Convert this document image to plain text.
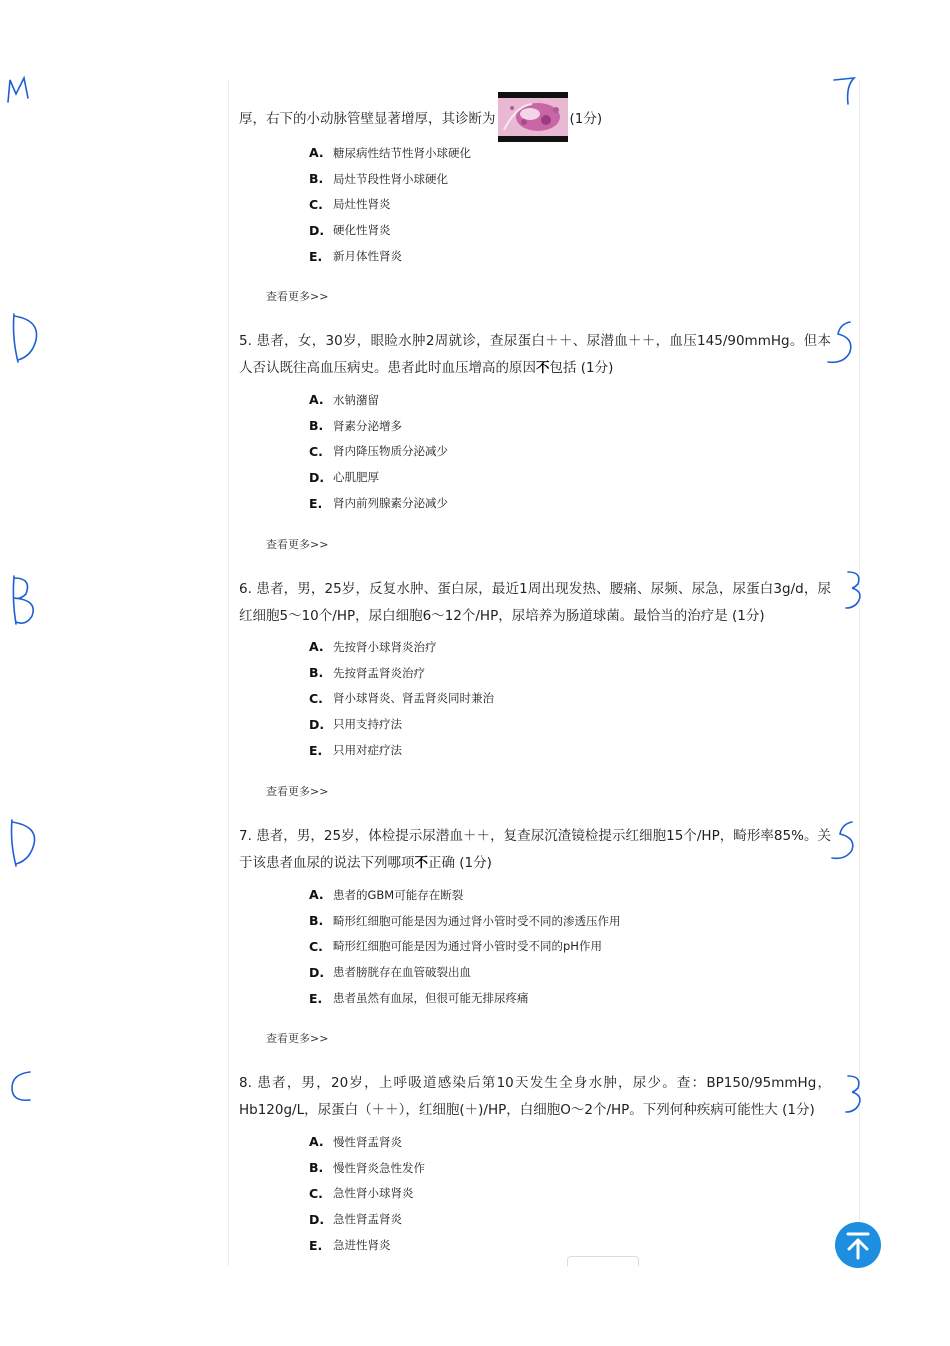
厚，右下的小动脉管壁显著增厚，其诊断为	(1分)
A. 糖尿病性结节性肾小球硬化
B. 局灶节段性肾小球硬化
C. 局灶性肾炎
D. 硬化性肾炎
E. 新月体性肾炎
查看更多>>
5. 患者，女，30岁，眼睑水肿2周就诊，查尿蛋白＋＋、尿潜血＋＋，血压145/90mmHg。但本人否认既往高血压病史。患者此时血压增高的原因不包括 (1分)
A. 水钠潴留
B. 肾素分泌增多
C. 肾内降压物质分泌减少
D. 心肌肥厚
E. 肾内前列腺素分泌减少
查看更多>>
6. 患者，男，25岁，反复水肿、蛋白尿，最近1周出现发热、腰痛、尿频、尿急，尿蛋白3g/d，尿红细胞5～10个/HP，尿白细胞6～12个/HP，尿培养为肠道球菌。最恰当的治疗是 (1分)
A. 先按肾小球肾炎治疗
B. 先按肾盂肾炎治疗
C. 肾小球肾炎、肾盂肾炎同时兼治
D. 只用支持疗法
E. 只用对症疗法
查看更多>>
7. 患者，男，25岁，体检提示尿潜血＋＋，复查尿沉渣镜检提示红细胞15个/HP，畸形率85%。关于该患者血尿的说法下列哪项不正确 (1分)
A. 患者的GBM可能存在断裂
B. 畸形红细胞可能是因为通过肾小管时受不同的渗透压作用
C. 畸形红细胞可能是因为通过肾小管时受不同的pH作用
D. 患者膀胱存在血管破裂出血
E. 患者虽然有血尿，但很可能无排尿疼痛
查看更多>>
8. 患者，男，20岁，上呼吸道感染后第10天发生全身水肿，尿少。查：BP150/95mmHg，Hb120g/L，尿蛋白（＋＋），红细胞(＋)/HP，白细胞O～2个/HP。下列何种疾病可能性大 (1分)
A. 慢性肾盂肾炎
B. 慢性肾炎急性发作
C. 急性肾小球肾炎
D. 急性肾盂肾炎
E. 急进性肾炎
